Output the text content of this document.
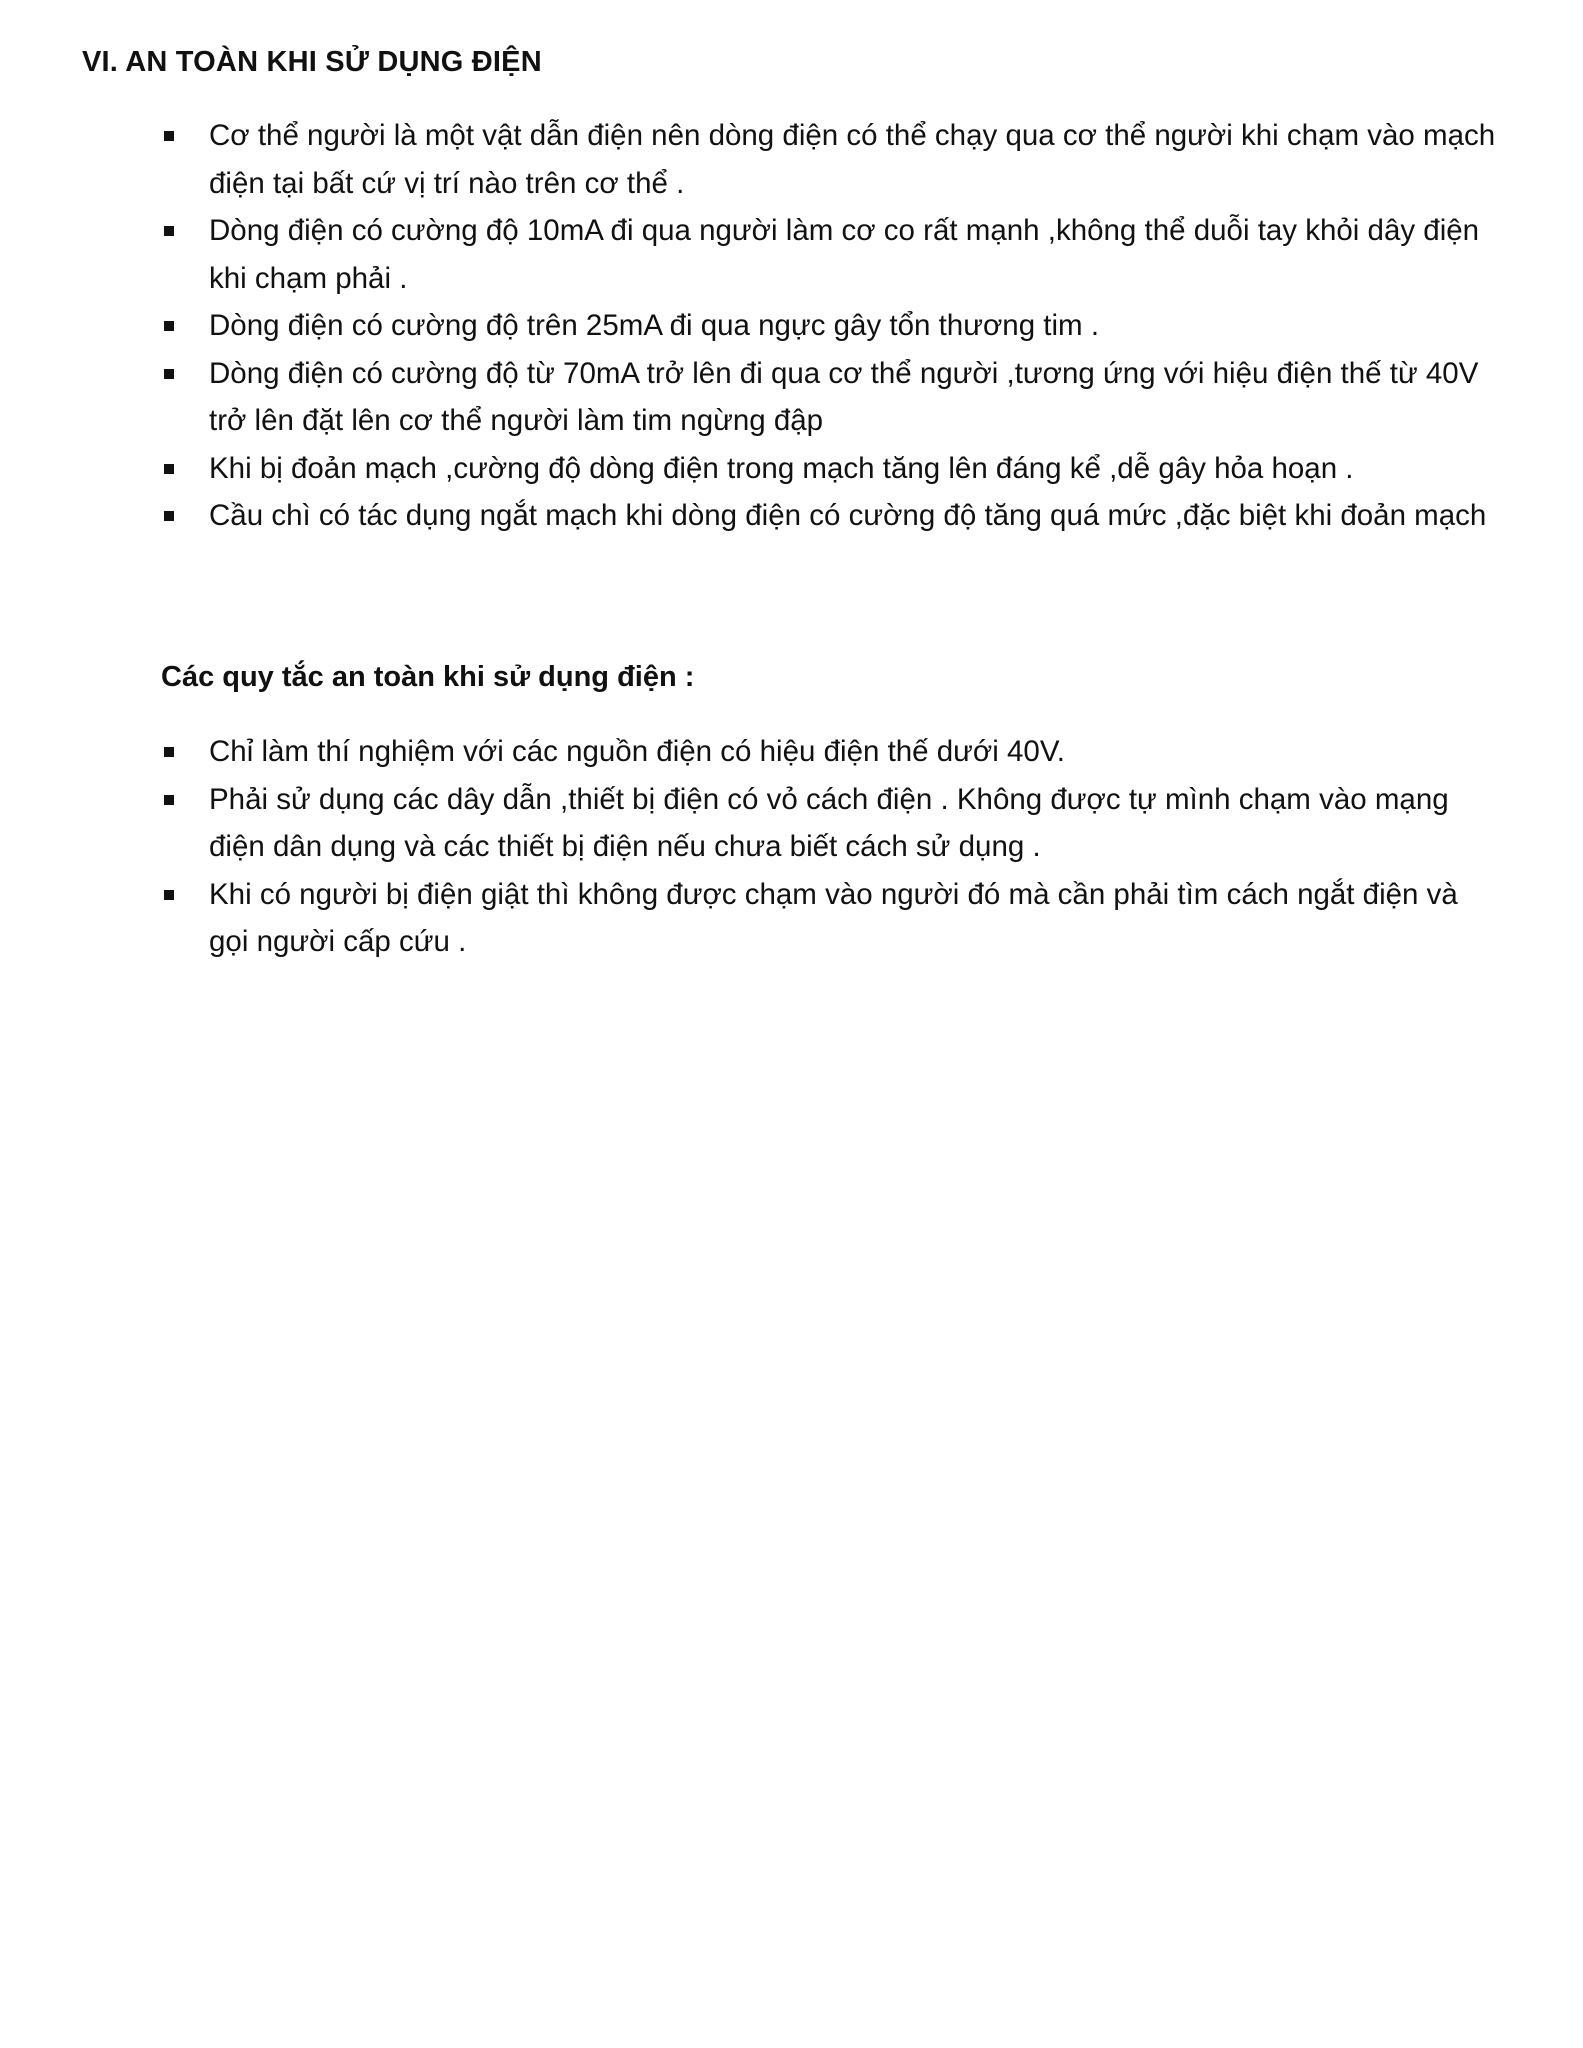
VI. AN TOÀN KHI SỬ DỤNG ĐIỆN
Cơ thể người là một vật dẫn điện nên dòng điện có thể chạy qua cơ thể người khi chạm vào mạch điện tại bất cứ vị trí nào trên cơ thể .
Dòng điện có cường độ 10mA đi qua người làm cơ co rất mạnh ,không thể duỗi tay khỏi dây điện khi chạm phải .
Dòng điện có cường độ trên 25mA đi qua ngực gây tổn thương tim .
Dòng điện có cường độ từ 70mA trở lên đi qua cơ thể người ,tương ứng với hiệu điện thế từ 40V trở lên đặt lên cơ thể người làm tim ngừng đập
Khi bị đoản mạch ,cường độ dòng điện trong mạch tăng lên đáng kể ,dễ gây hỏa hoạn .
Cầu chì có tác dụng ngắt mạch khi dòng điện có cường độ tăng quá mức ,đặc biệt khi đoản mạch
Các quy tắc an toàn khi sử dụng điện :
Chỉ làm thí nghiệm với các nguồn điện có hiệu điện thế dưới 40V.
Phải sử dụng các dây dẫn ,thiết bị điện có vỏ cách điện . Không được tự mình chạm vào mạng điện dân dụng và các thiết bị điện nếu chưa biết cách sử dụng .
Khi có người bị điện giật thì không được chạm vào người đó mà cần phải tìm cách ngắt điện và gọi người cấp cứu .
